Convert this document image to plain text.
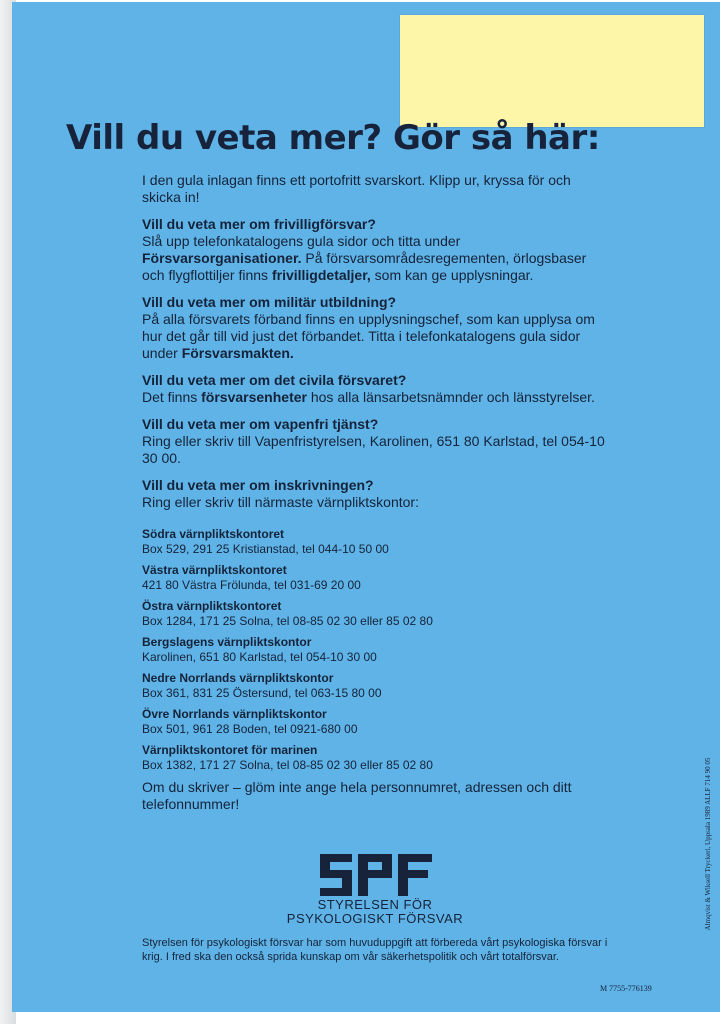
Vill du veta mer? Gör så här:

I den gula inlagan finns ett portofritt svarskort. Klipp ur, kryssa för och skicka in!

Vill du veta mer om frivilligförsvar?
Slå upp telefonkatalogens gula sidor och titta under Försvarsorganisationer. På försvarsområdesregementen, örlogsbaser och flygflottiljer finns frivilligdetaljer, som kan ge upplysningar.

Vill du veta mer om militär utbildning?
På alla försvarets förband finns en upplysningschef, som kan upplysa om hur det går till vid just det förbandet. Titta i telefonkatalogens gula sidor under Försvarsmakten.

Vill du veta mer om det civila försvaret?
Det finns försvarsenheter hos alla länsarbetsnämnder och länsstyrelser.

Vill du veta mer om vapenfri tjänst?
Ring eller skriv till Vapenfristyrelsen, Karolinen, 651 80 Karlstad, tel 054-10 30 00.

Vill du veta mer om inskrivningen?
Ring eller skriv till närmaste värnpliktskontor:

Södra värnpliktskontoret
Box 529, 291 25 Kristianstad, tel 044-10 50 00
Västra värnpliktskontoret
421 80 Västra Frölunda, tel 031-69 20 00
Östra värnpliktskontoret
Box 1284, 171 25 Solna, tel 08-85 02 30 eller 85 02 80
Bergslagens värnpliktskontor
Karolinen, 651 80 Karlstad, tel 054-10 30 00
Nedre Norrlands värnpliktskontor
Box 361, 831 25 Östersund, tel 063-15 80 00
Övre Norrlands värnpliktskontor
Box 501, 961 28 Boden, tel 0921-680 00
Värnpliktskontoret för marinen
Box 1382, 171 27 Solna, tel 08-85 02 30 eller 85 02 80

Om du skriver – glöm inte ange hela personnumret, adressen och ditt telefonnummer!

STYRELSEN FÖR
PSYKOLOGISKT FÖRSVAR
Styrelsen för psykologiskt försvar har som huvuduppgift att förbereda vårt psykologiska försvar i krig. I fred ska den också sprida kunskap om vår säkerhetspolitik och vårt totalförsvar.
Almqvist & Wiksell Tryckeri, Uppsala 1989 ALLF 714 90 05
M 7755-776139
